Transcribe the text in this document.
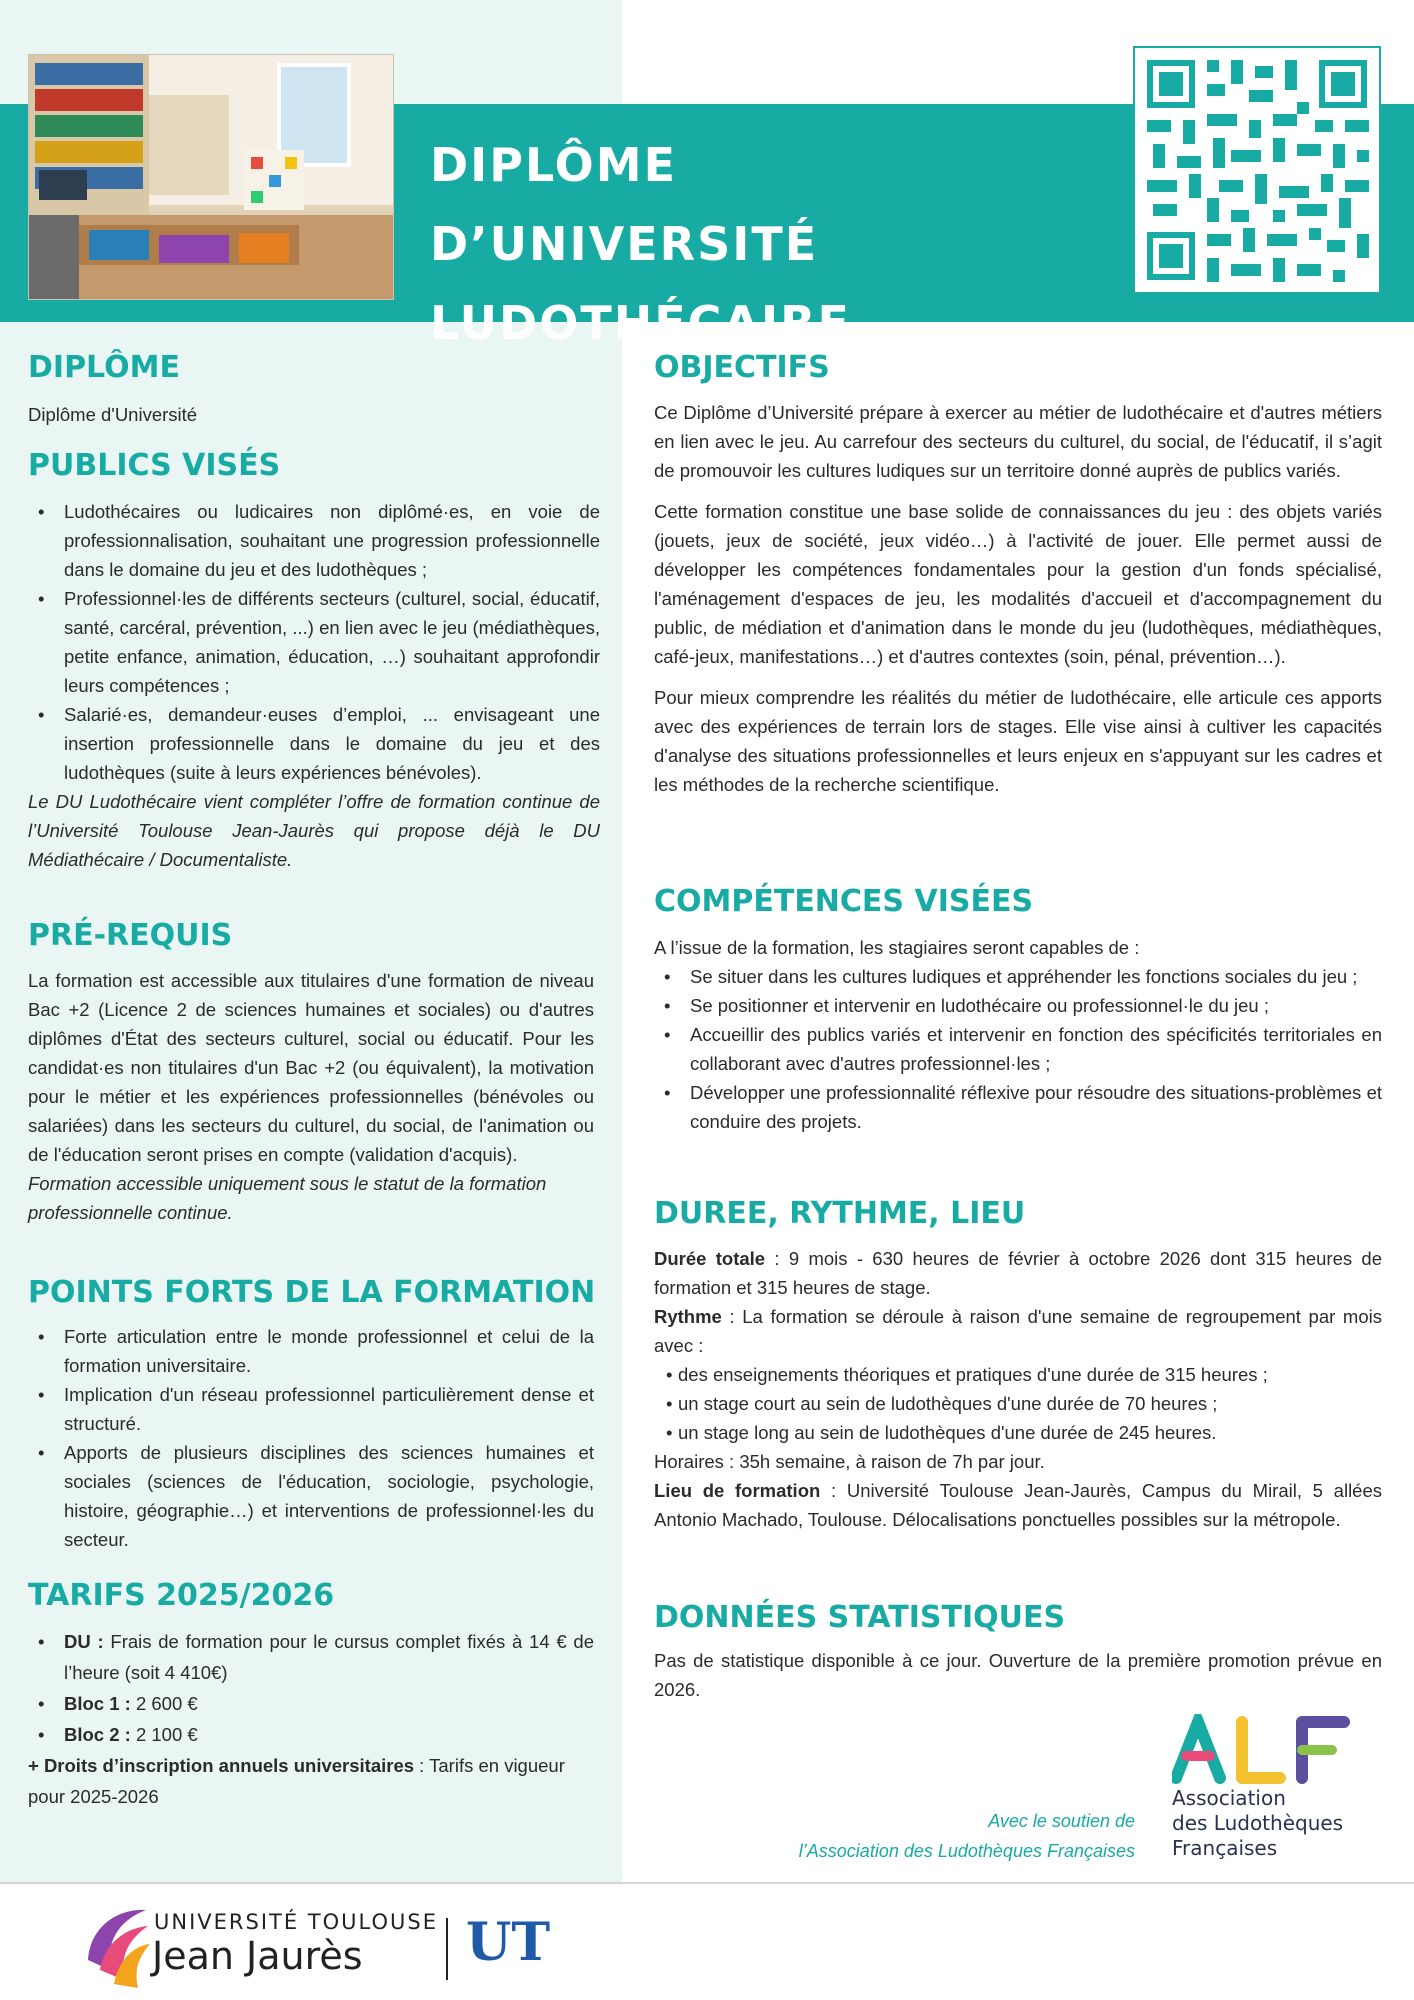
DIPLÔME D’UNIVERSITÉ
LUDOTHÉCAIRE
DIPLÔME

Diplôme d'Université

PUBLICS VISÉS
• Ludothécaires ou ludicaires non diplômé·es, en voie de professionnalisation, souhaitant une progression professionnelle dans le domaine du jeu et des ludothèques ;
• Professionnel·les de différents secteurs (culturel, social, éducatif, santé, carcéral, prévention, ...) en lien avec le jeu (médiathèques, petite enfance, animation, éducation, …) souhaitant approfondir leurs compétences ;
• Salarié·es, demandeur·euses d’emploi, ... envisageant une insertion professionnelle dans le domaine du jeu et des ludothèques (suite à leurs expériences bénévoles).

Le DU Ludothécaire vient compléter l’offre de formation continue de l’Université Toulouse Jean-Jaurès qui propose déjà le DU Médiathécaire / Documentaliste.

PRÉ-REQUIS

La formation est accessible aux titulaires d'une formation de niveau Bac +2 (Licence 2 de sciences humaines et sociales) ou d'autres diplômes d'État des secteurs culturel, social ou éducatif. Pour les candidat·es non titulaires d'un Bac +2 (ou équivalent), la motivation pour le métier et les expériences professionnelles (bénévoles ou salariées) dans les secteurs du culturel, du social, de l'animation ou de l'éducation seront prises en compte (validation d'acquis).

Formation accessible uniquement sous le statut de la formation professionnelle continue.

POINTS FORTS DE LA FORMATION
• Forte articulation entre le monde professionnel et celui de la formation universitaire.
• Implication d'un réseau professionnel particulièrement dense et structuré.
• Apports de plusieurs disciplines des sciences humaines et sociales (sciences de l'éducation, sociologie, psychologie, histoire, géographie…) et interventions de professionnel·les du secteur.
TARIFS 2025/2026
• DU : Frais de formation pour le cursus complet fixés à 14 € de l’heure (soit 4 410€)
• Bloc 1 : 2 600 €
• Bloc 2 : 2 100 €

+ Droits d’inscription annuels universitaires : Tarifs en vigueur pour 2025-2026

OBJECTIFS

Ce Diplôme d’Université prépare à exercer au métier de ludothécaire et d'autres métiers en lien avec le jeu. Au carrefour des secteurs du culturel, du social, de l'éducatif, il s’agit de promouvoir les cultures ludiques sur un territoire donné auprès de publics variés.

Cette formation constitue une base solide de connaissances du jeu : des objets variés (jouets, jeux de société, jeux vidéo…) à l'activité de jouer. Elle permet aussi de développer les compétences fondamentales pour la gestion d'un fonds spécialisé, l'aménagement d'espaces de jeu, les modalités d'accueil et d'accompagnement du public, de médiation et d'animation dans le monde du jeu (ludothèques, médiathèques, café-jeux, manifestations…) et d'autres contextes (soin, pénal, prévention…).

Pour mieux comprendre les réalités du métier de ludothécaire, elle articule ces apports avec des expériences de terrain lors de stages. Elle vise ainsi à cultiver les capacités d'analyse des situations professionnelles et leurs enjeux en s'appuyant sur les cadres et les méthodes de la recherche scientifique.

COMPÉTENCES VISÉES

A l’issue de la formation, les stagiaires seront capables de :

• Se situer dans les cultures ludiques et appréhender les fonctions sociales du jeu ;
• Se positionner et intervenir en ludothécaire ou professionnel·le du jeu ;
• Accueillir des publics variés et intervenir en fonction des spécificités territoriales en collaborant avec d'autres professionnel·les ;
• Développer une professionnalité réflexive pour résoudre des situations-problèmes et conduire des projets.
DUREE, RYTHME, LIEU

Durée totale : 9 mois - 630 heures de février à octobre 2026 dont 315 heures de formation et 315 heures de stage.

Rythme : La formation se déroule à raison d'une semaine de regroupement par mois avec :

• des enseignements théoriques et pratiques d'une durée de 315 heures ;
• un stage court au sein de ludothèques d'une durée de 70 heures ;
• un stage long au sein de ludothèques d'une durée de 245 heures.

Horaires : 35h semaine, à raison de 7h par jour.

Lieu de formation : Université Toulouse Jean-Jaurès, Campus du Mirail, 5 allées Antonio Machado, Toulouse. Délocalisations ponctuelles possibles sur la métropole.

DONNÉES STATISTIQUES

Pas de statistique disponible à ce jour. Ouverture de la première promotion prévue en 2026.

Avec le soutien de
l’Association des Ludothèques Françaises
Association
des Ludothèques
Françaises
UNIVERSITÉ TOULOUSE
Jean Jaurès UT
